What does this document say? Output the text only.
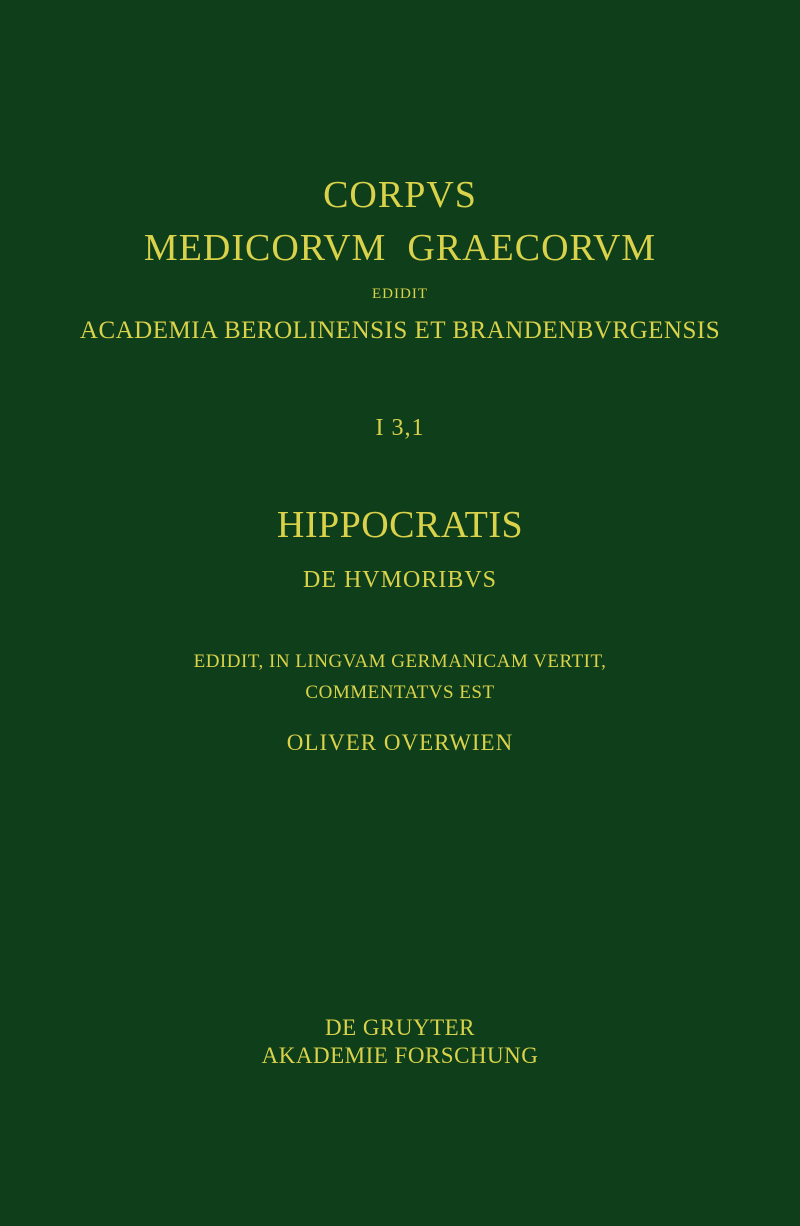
CORPVS
MEDICORVM  GRAECORVM
EDIDIT
ACADEMIA BEROLINENSIS ET BRANDENBVRGENSIS
I 3,1
HIPPOCRATIS
DE HVMORIBVS
EDIDIT, IN LINGVAM GERMANICAM VERTIT,
COMMENTATVS EST
OLIVER OVERWIEN
DE GRUYTER
AKADEMIE FORSCHUNG
